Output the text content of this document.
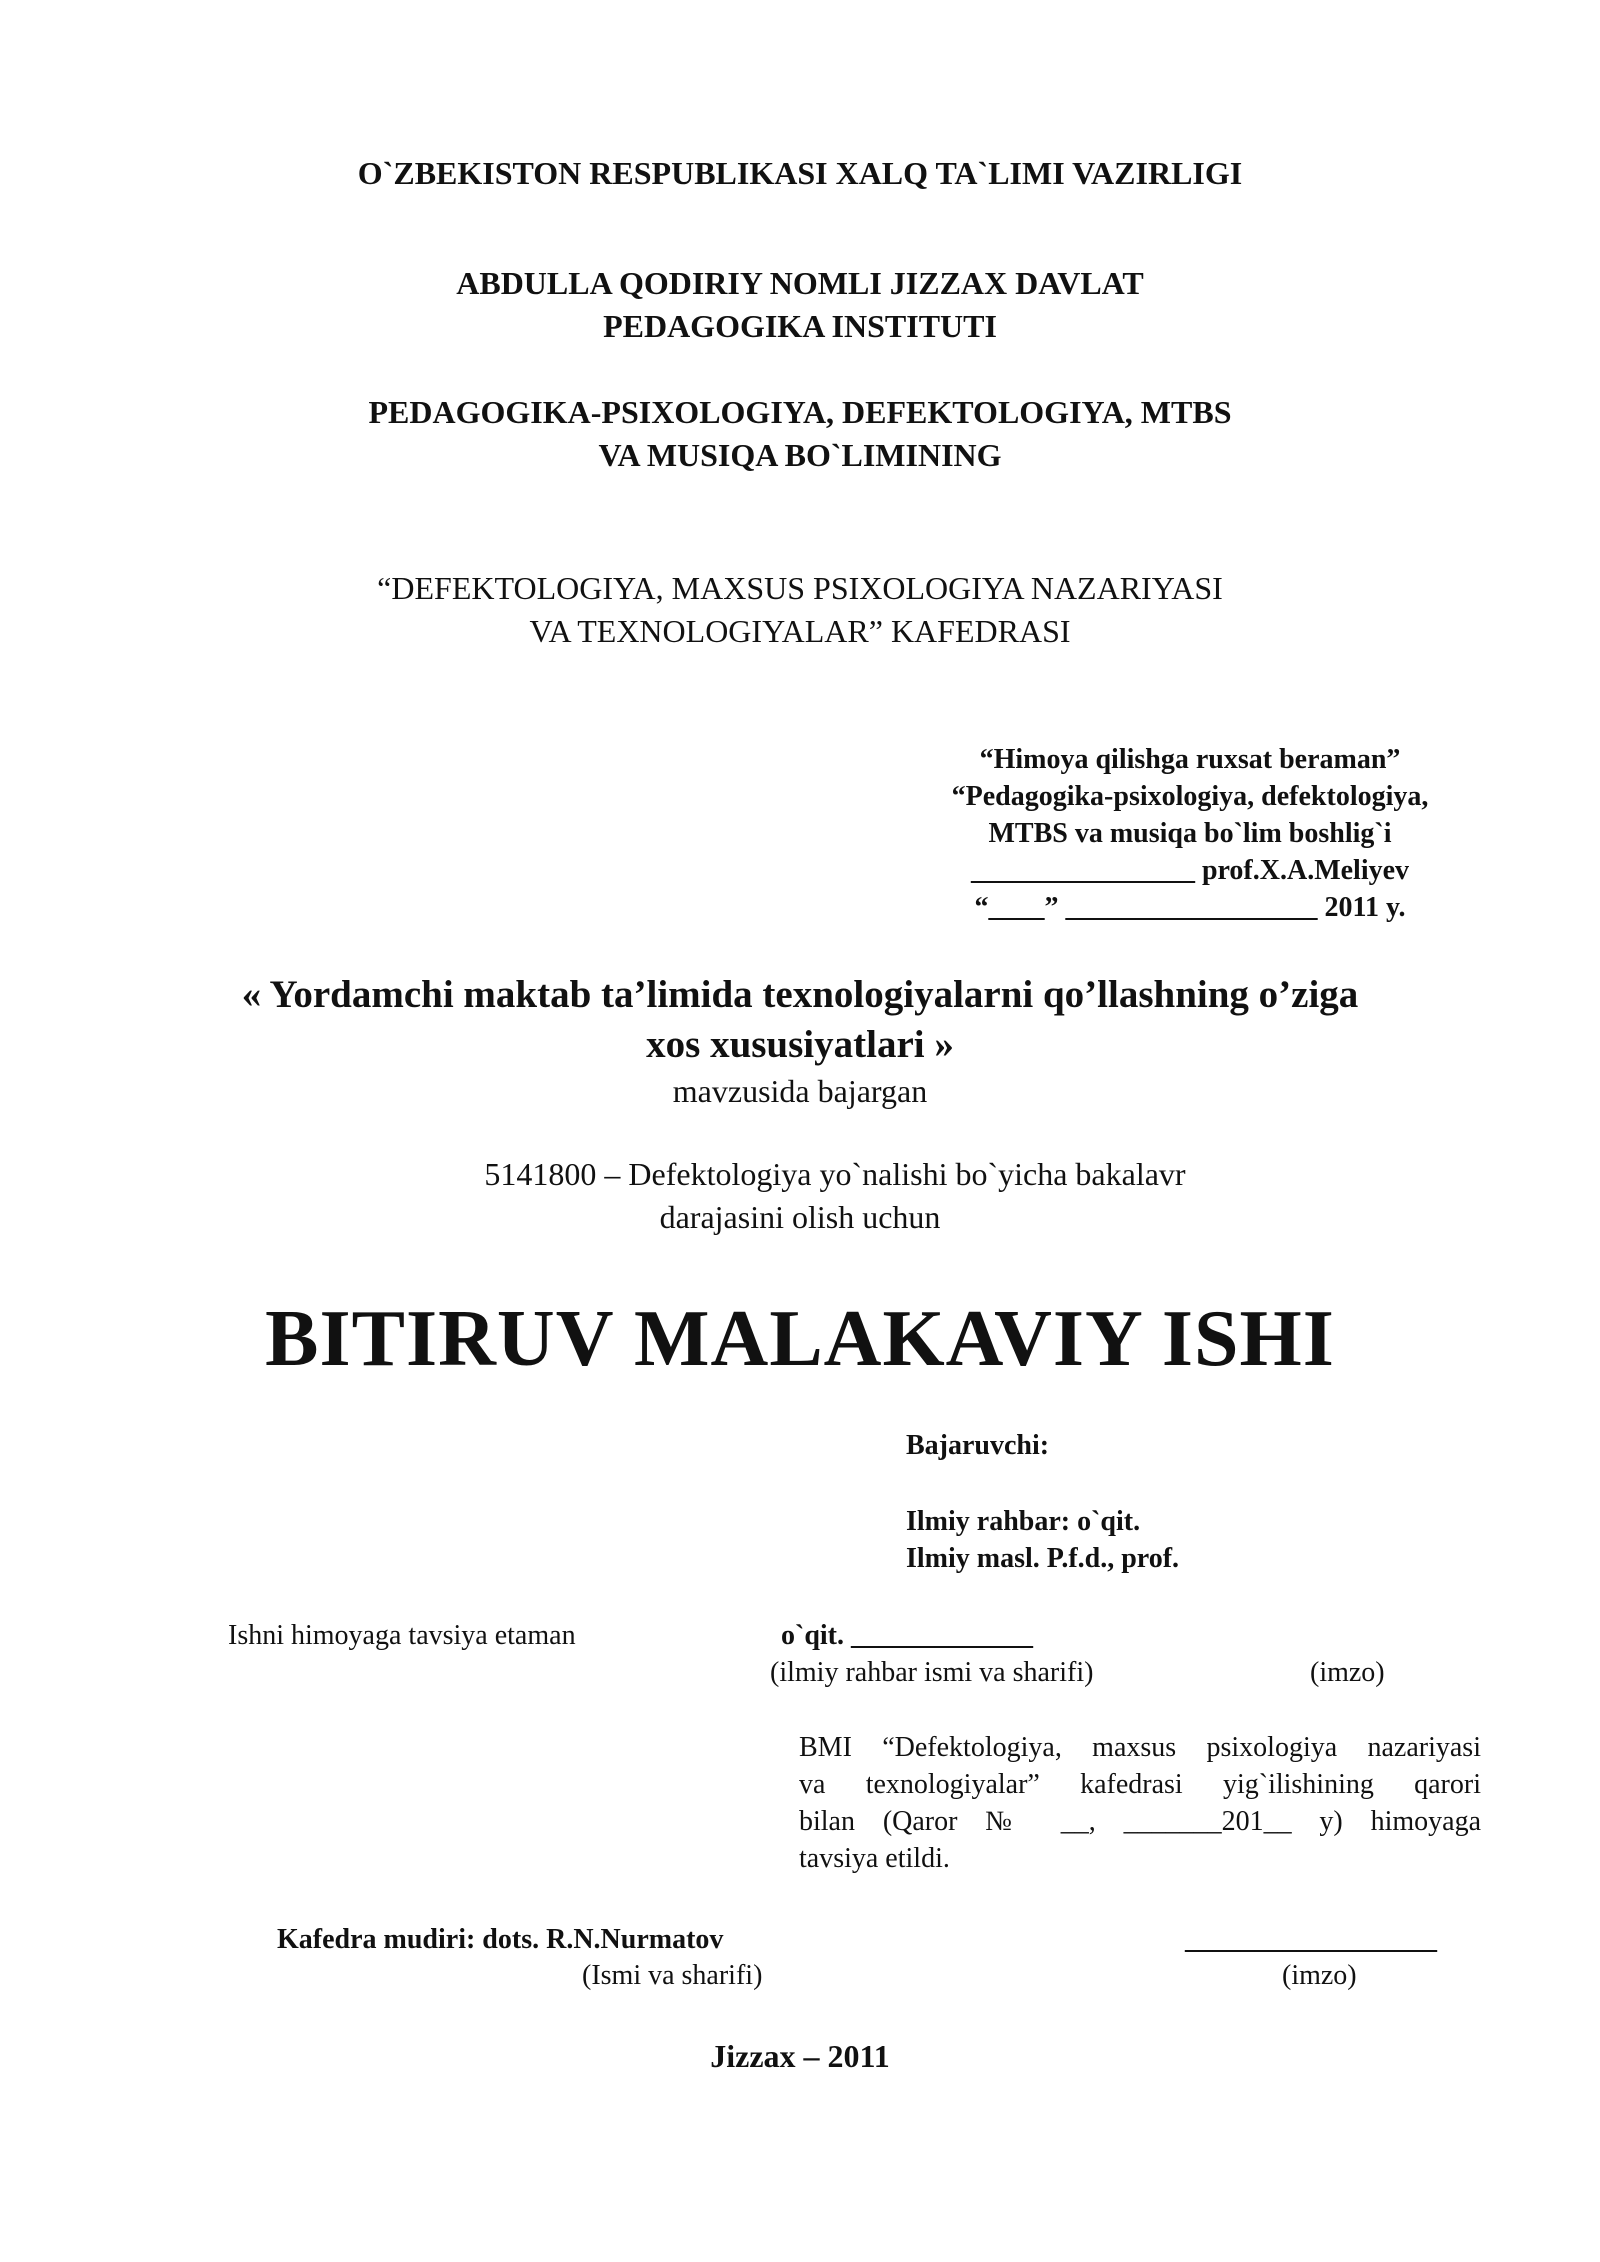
O`ZBEKISTON RESPUBLIKASI XALQ TA`LIMI VAZIRLIGI
ABDULLA QODIRIY NOMLI JIZZAX DAVLAT
PEDAGOGIKA INSTITUTI
PEDAGOGIKA-PSIXOLOGIYA, DEFEKTOLOGIYA, MTBS
VA MUSIQA BO`LIMINING
“DEFEKTOLOGIYA, MAXSUS PSIXOLOGIYA NAZARIYASI
VA TEXNOLOGIYALAR” KAFEDRASI
“Himoya qilishga ruxsat beraman”
“Pedagogika-psixologiya, defektologiya,
MTBS va musiqa bo`lim boshlig`i
________________ prof.X.A.Meliyev
“____” __________________ 2011 y.
« Yordamchi maktab ta’limida texnologiyalarni qo’llashning o’ziga
xos xususiyatlari »
mavzusida bajargan
5141800 – Defektologiya yo`nalishi bo`yicha bakalavr
darajasini olish uchun
BITIRUV MALAKAVIY ISHI
Bajaruvchi:
Ilmiy rahbar: o`qit.
Ilmiy masl. P.f.d., prof.
Ishni himoyaga tavsiya etaman	o`qit. _____________
(ilmiy rahbar ismi va sharifi)	(imzo)
BMI “Defektologiya, maxsus psixologiya nazariyasi
va texnologiyalar” kafedrasi yig`ilishining qarori
bilan (Qaror № __, _______201__ y) himoyaga
tavsiya etildi.
Kafedra mudiri: dots. R.N.Nurmatov	__________________
(Ismi va sharifi)	(imzo)
Jizzax – 2011
